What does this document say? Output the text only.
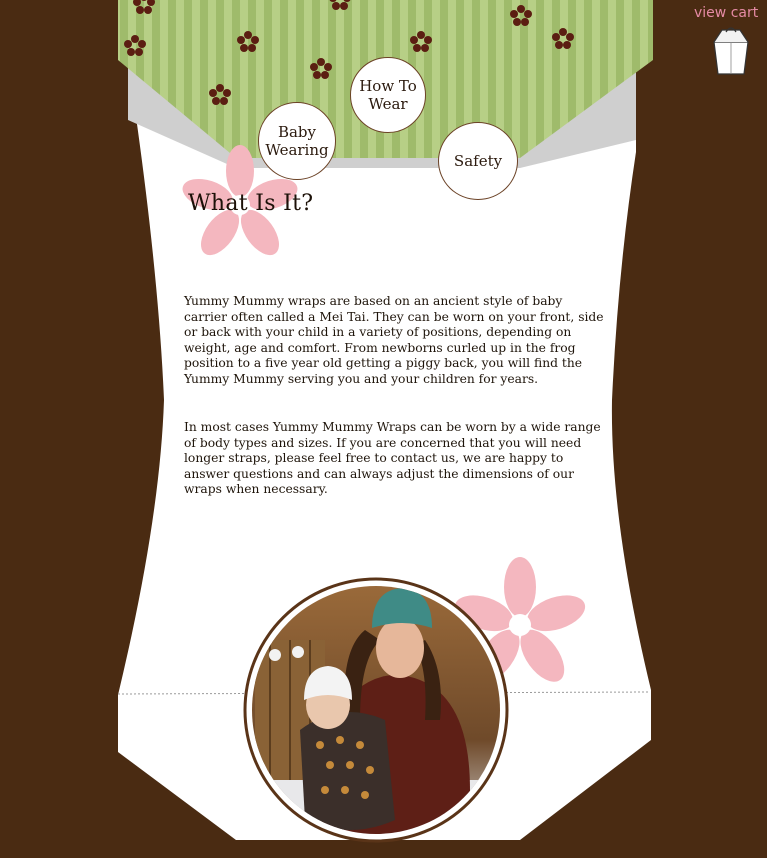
view cart
How To Wear
Baby Wearing
Safety
What Is It?
Yummy Mummy wraps are based on an ancient style of baby carrier often called a Mei Tai. They can be worn on your front, side or back with your child in a variety of positions, depending on weight, age and comfort. From newborns curled up in the frog position to a five year old getting a piggy back, you will find the Yummy Mummy serving you and your children for years.
In most cases Yummy Mummy Wraps can be worn by a wide range of body types and sizes. If you are concerned that you will need longer straps, please feel free to contact us, we are happy to answer questions and can always adjust the dimensions of our wraps when necessary.
